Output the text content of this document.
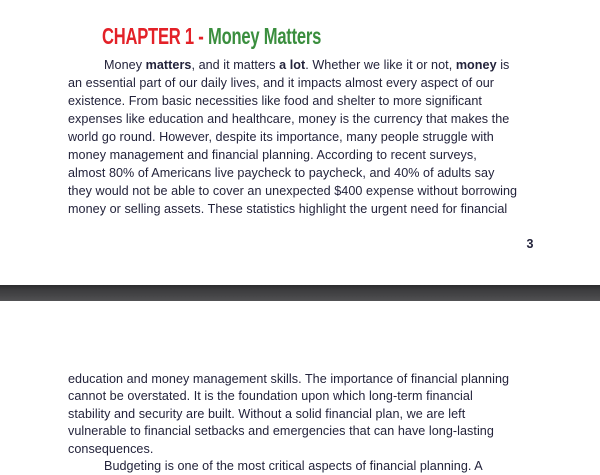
CHAPTER 1 - Money Matters
Money matters, and it matters a lot. Whether we like it or not, money is
an essential part of our daily lives, and it impacts almost every aspect of our
existence. From basic necessities like food and shelter to more significant
expenses like education and healthcare, money is the currency that makes the
world go round. However, despite its importance, many people struggle with
money management and financial planning. According to recent surveys,
almost 80% of Americans live paycheck to paycheck, and 40% of adults say
they would not be able to cover an unexpected $400 expense without borrowing
money or selling assets. These statistics highlight the urgent need for financial
3
education and money management skills. The importance of financial planning
cannot be overstated. It is the foundation upon which long-term financial
stability and security are built. Without a solid financial plan, we are left
vulnerable to financial setbacks and emergencies that can have long-lasting
consequences.
Budgeting is one of the most critical aspects of financial planning. A
